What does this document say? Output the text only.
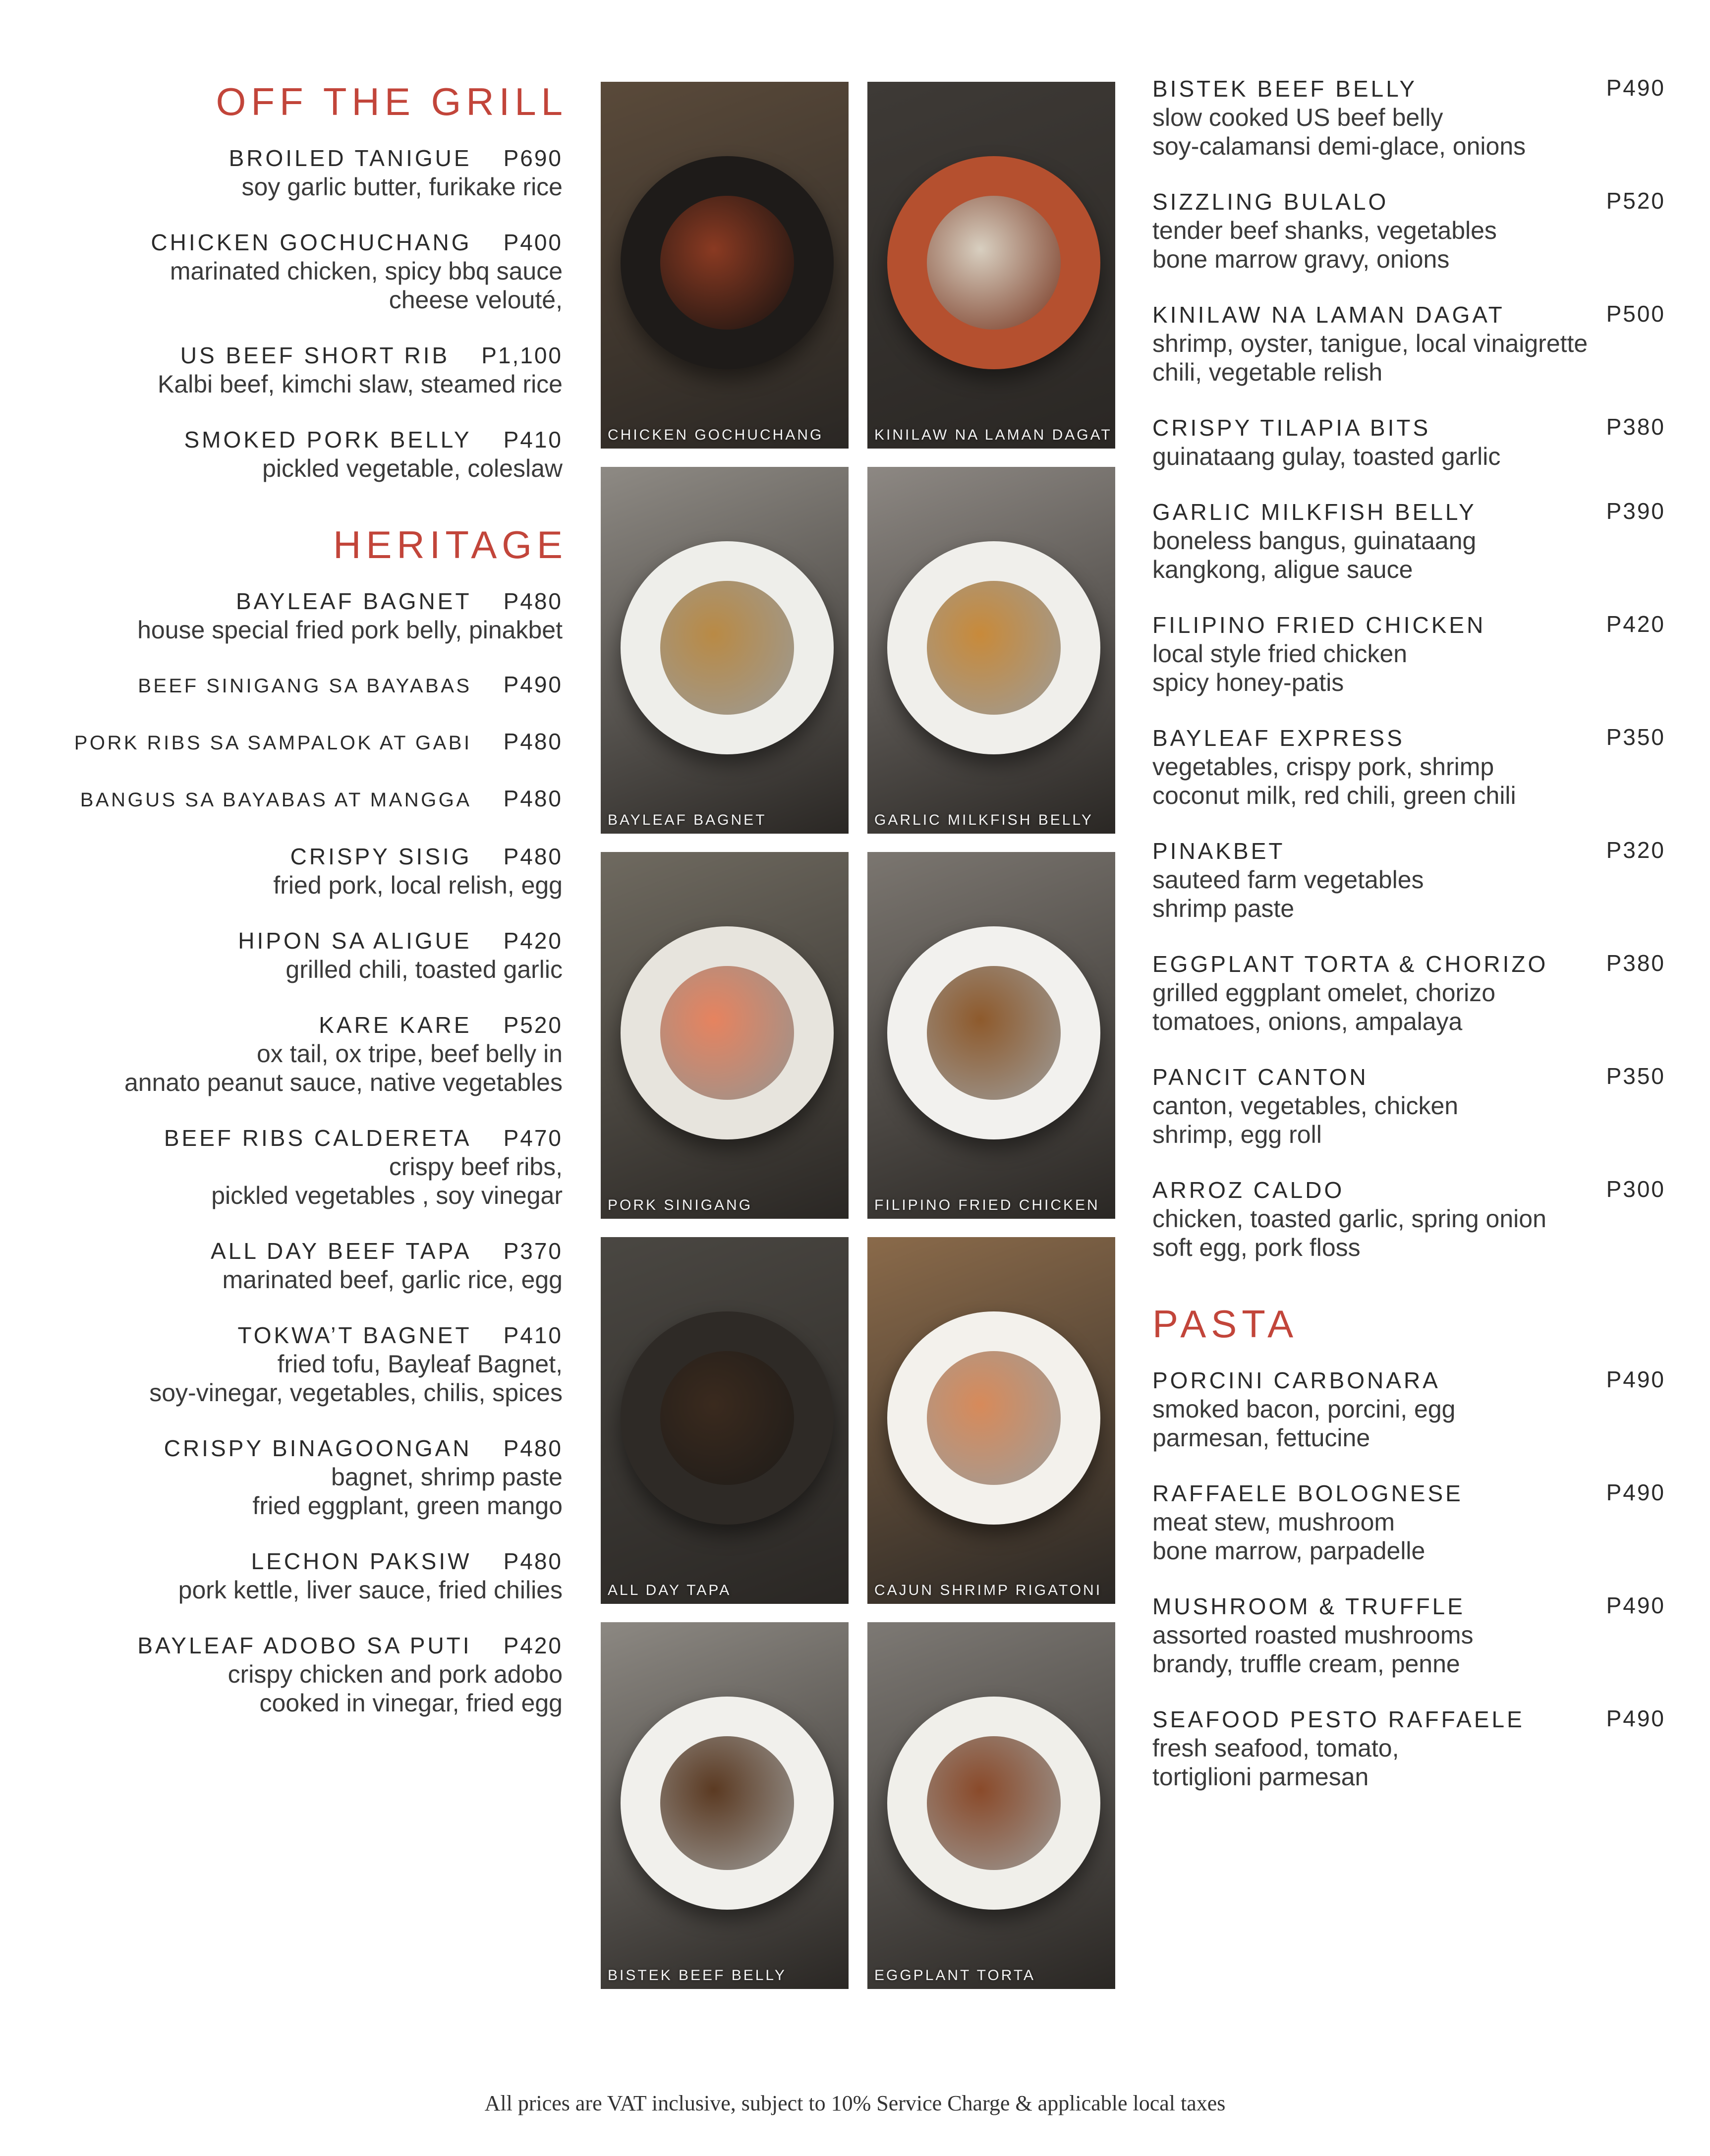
OFF THE GRILL
BROILED TANIGUE P690
soy garlic butter, furikake rice
CHICKEN GOCHUCHANG P400
marinated chicken, spicy bbq sauce
cheese velouté,
US BEEF SHORT RIB P1,100
Kalbi beef, kimchi slaw, steamed rice
SMOKED PORK BELLY P410
pickled vegetable, coleslaw
HERITAGE
BAYLEAF BAGNET P480
house special fried pork belly, pinakbet
BEEF SINIGANG SA BAYABAS P490
PORK RIBS SA SAMPALOK AT GABI P480
BANGUS SA BAYABAS AT MANGGA P480
CRISPY SISIG P480
fried pork, local relish, egg
HIPON SA ALIGUE P420
grilled chili, toasted garlic
KARE KARE P520
ox tail, ox tripe, beef belly in
annato peanut sauce, native vegetables
BEEF RIBS CALDERETA P470
crispy beef ribs,
pickled vegetables , soy vinegar
ALL DAY BEEF TAPA P370
marinated beef, garlic rice, egg
TOKWA’T BAGNET P410
fried tofu, Bayleaf Bagnet,
soy-vinegar, vegetables, chilis, spices
CRISPY BINAGOONGAN P480
bagnet, shrimp paste
fried eggplant, green mango
LECHON PAKSIW P480
pork kettle, liver sauce, fried chilies
BAYLEAF ADOBO SA PUTI P420
crispy chicken and pork adobo
cooked in vinegar, fried egg
CHICKEN GOCHUCHANG	KINILAW NA LAMAN DAGAT
BAYLEAF BAGNET	GARLIC MILKFISH BELLY
PORK SINIGANG	FILIPINO FRIED CHICKEN
ALL DAY TAPA	CAJUN SHRIMP RIGATONI
BISTEK BEEF BELLY	EGGPLANT TORTA
BISTEK BEEF BELLY	P490
slow cooked US beef belly
soy-calamansi demi-glace, onions
SIZZLING BULALO	P520
tender beef shanks, vegetables
bone marrow gravy, onions
KINILAW NA LAMAN DAGAT	P500
shrimp, oyster, tanigue, local vinaigrette
chili, vegetable relish
CRISPY TILAPIA BITS	P380
guinataang gulay, toasted garlic
GARLIC MILKFISH BELLY	P390
boneless bangus, guinataang
kangkong, aligue sauce
FILIPINO FRIED CHICKEN	P420
local style fried chicken
spicy honey-patis
BAYLEAF EXPRESS	P350
vegetables, crispy pork, shrimp
coconut milk, red chili, green chili
PINAKBET	P320
sauteed farm vegetables
shrimp paste
EGGPLANT TORTA & CHORIZO	P380
grilled eggplant omelet, chorizo
tomatoes, onions, ampalaya
PANCIT CANTON	P350
canton, vegetables, chicken
shrimp, egg roll
ARROZ CALDO	P300
chicken, toasted garlic, spring onion
soft egg, pork floss
PASTA
PORCINI CARBONARA	P490
smoked bacon, porcini, egg
parmesan, fettucine
RAFFAELE BOLOGNESE	P490
meat stew, mushroom
bone marrow, parpadelle
MUSHROOM & TRUFFLE	P490
assorted roasted mushrooms
brandy, truffle cream, penne
SEAFOOD PESTO RAFFAELE	P490
fresh seafood, tomato,
tortiglioni parmesan
All prices are VAT inclusive, subject to 10% Service Charge & applicable local taxes
